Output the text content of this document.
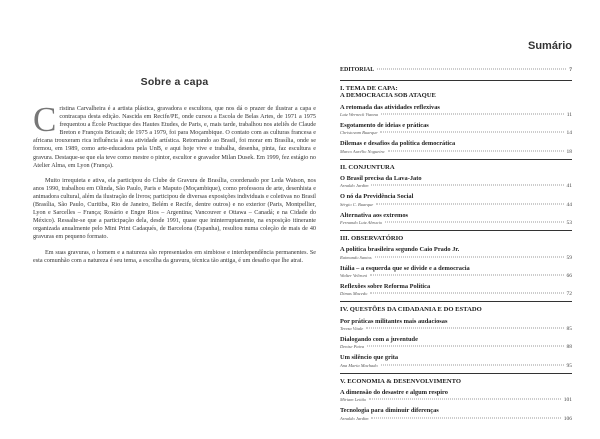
Sobre a capa

Cristina Carvalheira é a artista plástica, gravadora e escultora, que nos dá o prazer de ilustrar a capa e contracapa desta edição. Nascida em Recife/PE, onde cursou a Escola de Belas Artes, de 1971 a 1975 frequentou a École Practique des Hautes Etudes, de Paris, e, mais tarde, trabalhou nos ateliês de Claude Breton e François Bricault; de 1975 a 1979, foi para Moçambique. O contato com as culturas francesa e africana trouxeram rica influência à sua atividade artística. Retornando ao Brasil, foi morar em Brasília, onde se formou, em 1989, como arte-educadora pela UnB, e aqui hoje vive e trabalha, desenha, pinta, faz escultura e gravura. Destaque-se que ela teve como mestre o pintor, escultor e gravador Milan Dusek. Em 1999, fez estágio no Atelier Alma, em Lyon (França).

Muito irrequieta e ativa, ela participou do Clube de Gravura de Brasília, coordenado por Leda Watson, nos anos 1990, trabalhou em Olinda, São Paulo, Paris e Maputo (Moçambique), como professora de arte, desenhista e animadora cultural, além da ilustração de livros; participou de diversas exposições individuais e coletivas no Brasil (Brasília, São Paulo, Curitiba, Rio de Janeiro, Belém e Recife, dentre outros) e no exterior (Paris, Montpellier, Lyon e Sarcelles – França; Rosário e Engre Rios – Argentina; Vancouver e Ottawa – Canadá; e na Cidade do México). Ressalte-se que a participação dela, desde 1991, quase que ininterruptamente, na exposição itinerante organizada anualmente pelo Mini Print Cadaqués, de Barcelona (Espanha), resultou numa coleção de mais de 40 gravuras em pequeno formato.

Em suas gravuras, o homem e a natureza são representados em simbiose e interdependência permanentes. Se esta comunhão com a natureza é seu tema, a escolha da gravura, técnica tão antiga, é um desafio que lhe atrai.

Sumário
EDITORIAL	7
I. TEMA DE CAPA:
A DEMOCRACIA SOB ATAQUE
A retomada das atividades reflexivas
Luiz Werneck Vianna	11
Esgotamento de ideias e práticas
Christovam Buarque	14
Dilemas e desafios da política democrática
Marco Aurélio Nogueira	18
II. CONJUNTURA
O Brasil precisa da Lava-Jato
Arnaldo Jardim	41
O nó da Previdência Social
Sérgio C. Buarque	44
Alternativa aos extremos
Fernando Luiz Abrucio	53
III. OBSERVATÓRIO
A política brasileira segundo Caio Prado Jr.
Raimundo Santos	59
Itália – a esquerda que se divide e a democracia
Walter Veltroni	66
Reflexões sobre Reforma Política
Dimas Macedo	72
IV. QUESTÕES DA CIDADANIA E DO ESTADO
Por práticas militantes mais audaciosas
Tereza Vitale	85
Dialogando com a juventude
Denise Paiva	88
Um silêncio que grita
Ana Maria Machado	95
V. ECONOMIA & DESENVOLVIMENTO
A dimensão do desastre e algum respiro
Míriam Leitão	101
Tecnologia para diminuir diferenças
Arnaldo Jardim	106
